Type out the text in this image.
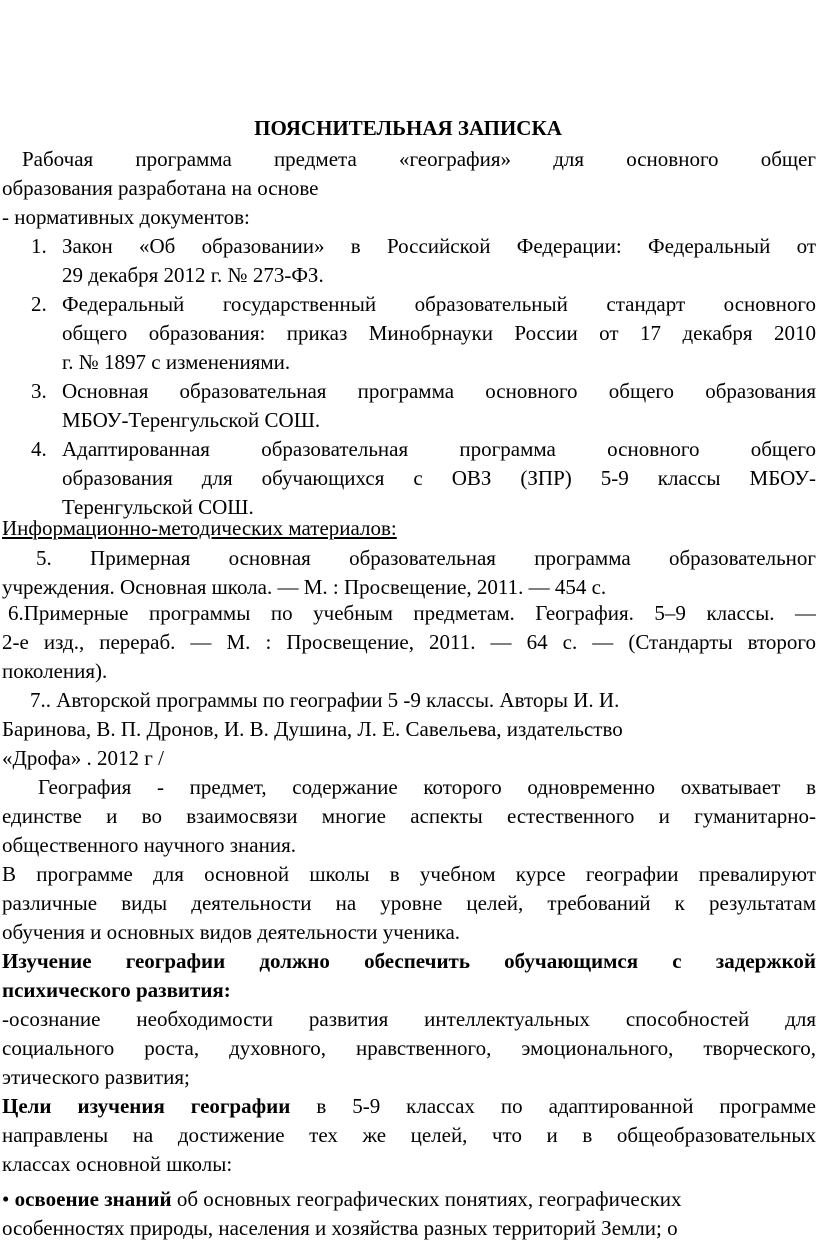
ПОЯСНИТЕЛЬНАЯ ЗАПИСКА

Рабочая программа предмета «география» для основного общег

образования разработана на основе

- нормативных документов:

1. Закон «Об образовании» в Российской Федерации: Федеральный от

29 декабря 2012 г. № 273-ФЗ.

2. Федеральный государственный образовательный стандарт основного

общего образования: приказ Минобрнауки России от 17 декабря 2010

г. № 1897 с изменениями.

3. Основная образовательная программа основного общего образования

МБОУ-Теренгульской СОШ.

4. Адаптированная образовательная программа основного общего

образования для обучающихся с ОВЗ (ЗПР) 5-9 классы МБОУ-

Теренгульской СОШ.

Информационно-методических материалов:

5. Примерная основная образовательная программа образовательног

учреждения. Основная школа. — М. : Просвещение, 2011. — 454 с.

6.Примерные программы по учебным предметам. География. 5–9 классы. —

2-е изд., перераб. — М. : Просвещение, 2011. — 64 с. — (Стандарты второго

поколения).

7.. Авторской программы по географии 5 -9 классы. Авторы И. И.

Баринова, В. П. Дронов, И. В. Душина, Л. Е. Савельева, издательство

«Дрофа» . 2012 г /

География - предмет, содержание которого одновременно охватывает в

единстве и во взаимосвязи многие аспекты естественного и гуманитарно-

общественного научного знания.

В программе для основной школы в учебном курсе географии превалируют

различные виды деятельности на уровне целей, требований к результатам

обучения и основных видов деятельности ученика.

Изучение географии должно обеспечить обучающимся с задержкой

психического развития:

-осознание необходимости развития интеллектуальных способностей для

социального роста, духовного, нравственного, эмоционального, творческого,

этического развития;

Цели изучения географии в 5-9 классах по адаптированной программе

направлены на достижение тех же целей, что и в общеобразовательных

классах основной школы:

• освоение знаний об основных географических понятиях, географических

особенностях природы, населения и хозяйства разных территорий Земли; о
